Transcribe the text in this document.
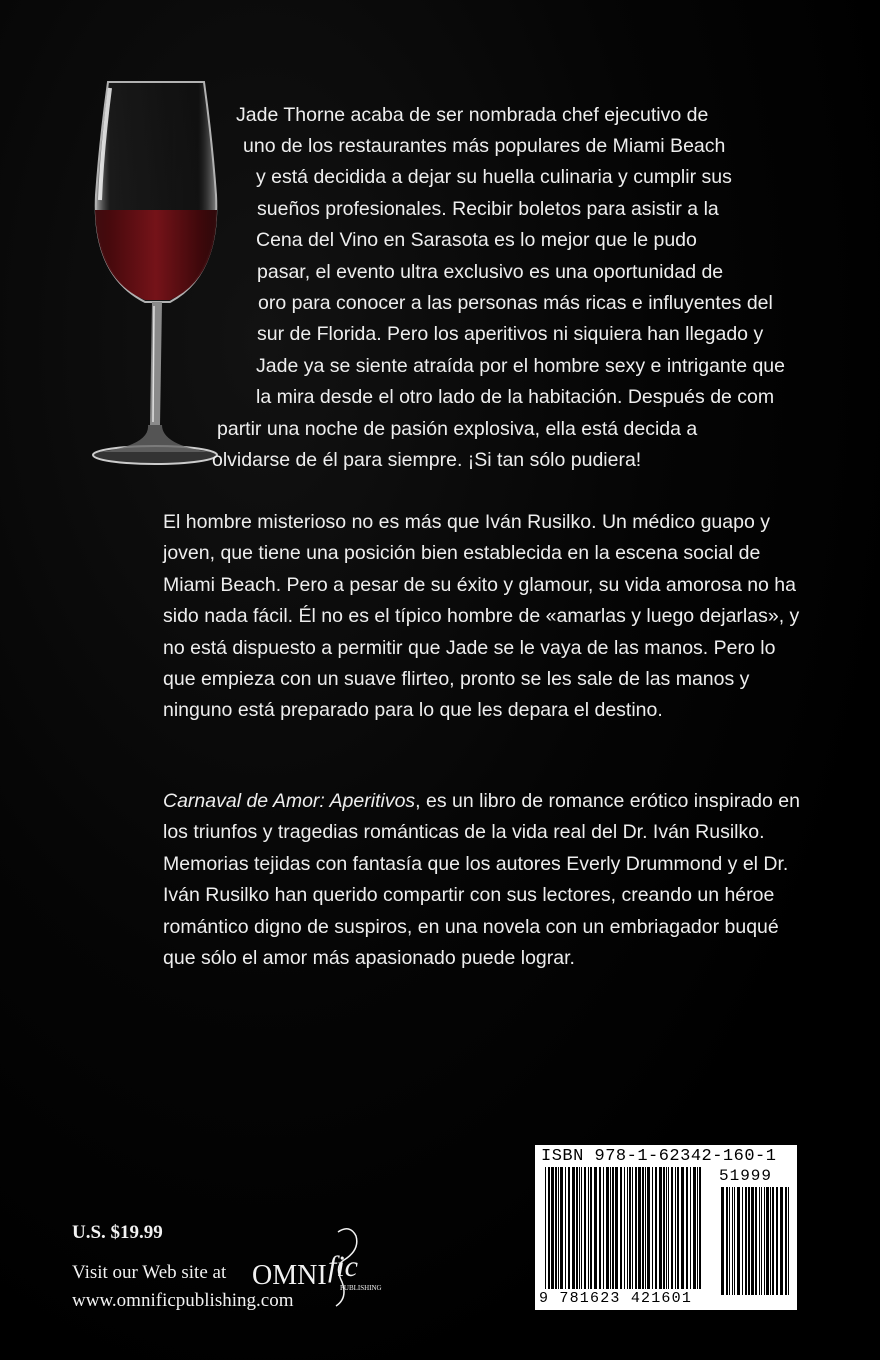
Jade Thorne acaba de ser nombrada chef ejecutivo de
uno de los restaurantes más populares de Miami Beach
y está decidida a dejar su huella culinaria y cumplir sus
sueños profesionales. Recibir boletos para asistir a la
Cena del Vino en Sarasota es lo mejor que le pudo
pasar, el evento ultra exclusivo es una oportunidad de
oro para conocer a las personas más ricas e influyentes del
sur de Florida. Pero los aperitivos ni siquiera han llegado y
Jade ya se siente atraída por el hombre sexy e intrigante que
la mira desde el otro lado de la habitación. Después de com
partir una noche de pasión explosiva, ella está decida a
olvidarse de él para siempre. ¡Si tan sólo pudiera!

El hombre misterioso no es más que Iván Rusilko. Un médico guapo y joven, que tiene una posición bien establecida en la escena social de Miami Beach. Pero a pesar de su éxito y glamour, su vida amorosa no ha sido nada fácil. Él no es el típico hombre de «amarlas y luego dejarlas», y no está dispuesto a permitir que Jade se le vaya de las manos. Pero lo que empieza con un suave flirteo, pronto se les sale de las manos y ninguno está preparado para lo que les depara el destino.

Carnaval de Amor: Aperitivos, es un libro de romance erótico inspirado en los triunfos y tragedias románticas de la vida real del Dr. Iván Rusilko. Memorias tejidas con fantasía que los autores Everly Drummond y el Dr. Iván Rusilko han querido compartir con sus lectores, creando un héroe romántico digno de suspiros, en una novela con un embriagador buqué que sólo el amor más apasionado puede lograr.

U.S. $19.99
Visit our Web site at
www.omnificpublishing.com
OMNI fic
PUBLISHING
ISBN 978-1-62342-160-1
51999
9 781623 421601
